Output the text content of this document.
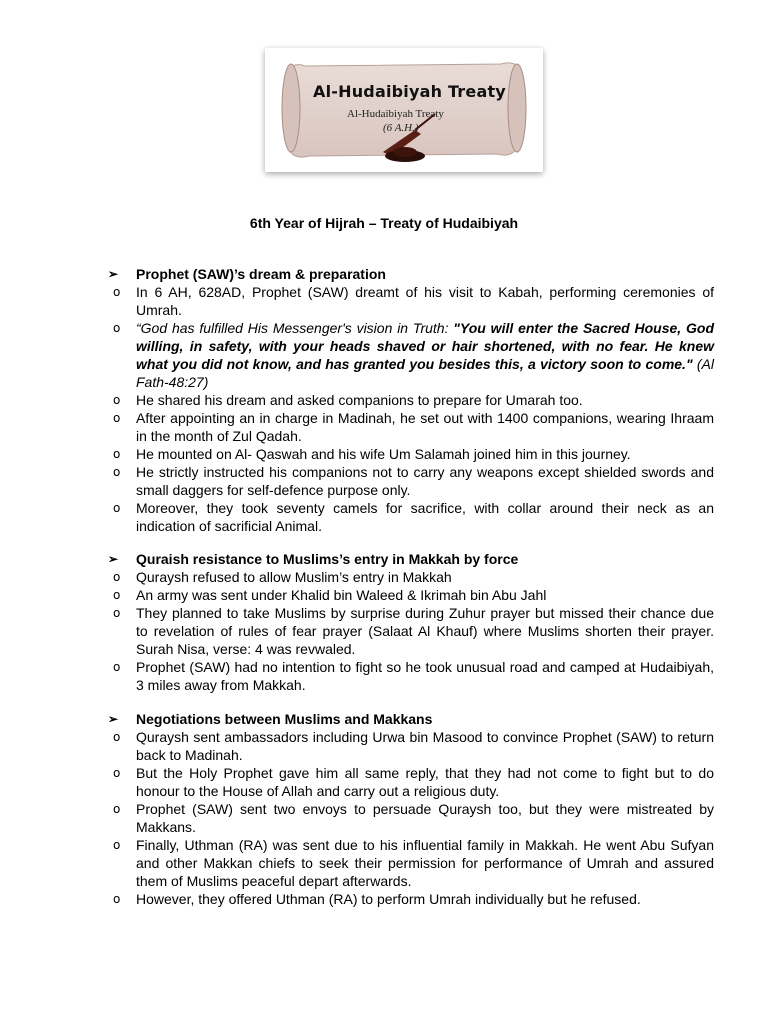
Al-Hudaibiyah Treaty
Al-Hudaibiyah Treaty
(6 A.H.)
6th Year of Hijrah – Treaty of Hudaibiyah
➢ Prophet (SAW)’s dream & preparation
o In 6 AH, 628AD, Prophet (SAW) dreamt of his visit to Kabah, performing ceremonies of Umrah.
o “God has fulfilled His Messenger's vision in Truth: "You will enter the Sacred House, God willing, in safety, with your heads shaved or hair shortened, with no fear. He knew what you did not know, and has granted you besides this, a victory soon to come." (Al Fath-48:27)
o He shared his dream and asked companions to prepare for Umarah too.
o After appointing an in charge in Madinah, he set out with 1400 companions, wearing Ihraam in the month of Zul Qadah.
o He mounted on Al- Qaswah and his wife Um Salamah joined him in this journey.
o He strictly instructed his companions not to carry any weapons except shielded swords and small daggers for self-defence purpose only.
o Moreover, they took seventy camels for sacrifice, with collar around their neck as an indication of sacrificial Animal.
➢ Quraish resistance to Muslims’s entry in Makkah by force
o Quraysh refused to allow Muslim’s entry in Makkah
o An army was sent under Khalid bin Waleed & Ikrimah bin Abu Jahl
o They planned to take Muslims by surprise during Zuhur prayer but missed their chance due to revelation of rules of fear prayer (Salaat Al Khauf) where Muslims shorten their prayer. Surah Nisa, verse: 4 was revwaled.
o Prophet (SAW) had no intention to fight so he took unusual road and camped at Hudaibiyah, 3 miles away from Makkah.
➢ Negotiations between Muslims and Makkans
o Quraysh sent ambassadors including Urwa bin Masood to convince Prophet (SAW) to return back to Madinah.
o But the Holy Prophet gave him all same reply, that they had not come to fight but to do honour to the House of Allah and carry out a religious duty.
o Prophet (SAW) sent two envoys to persuade Quraysh too, but they were mistreated by Makkans.
o Finally, Uthman (RA) was sent due to his influential family in Makkah. He went Abu Sufyan and other Makkan chiefs to seek their permission for performance of Umrah and assured them of Muslims peaceful depart afterwards.
o However, they offered Uthman (RA) to perform Umrah individually but he refused.
